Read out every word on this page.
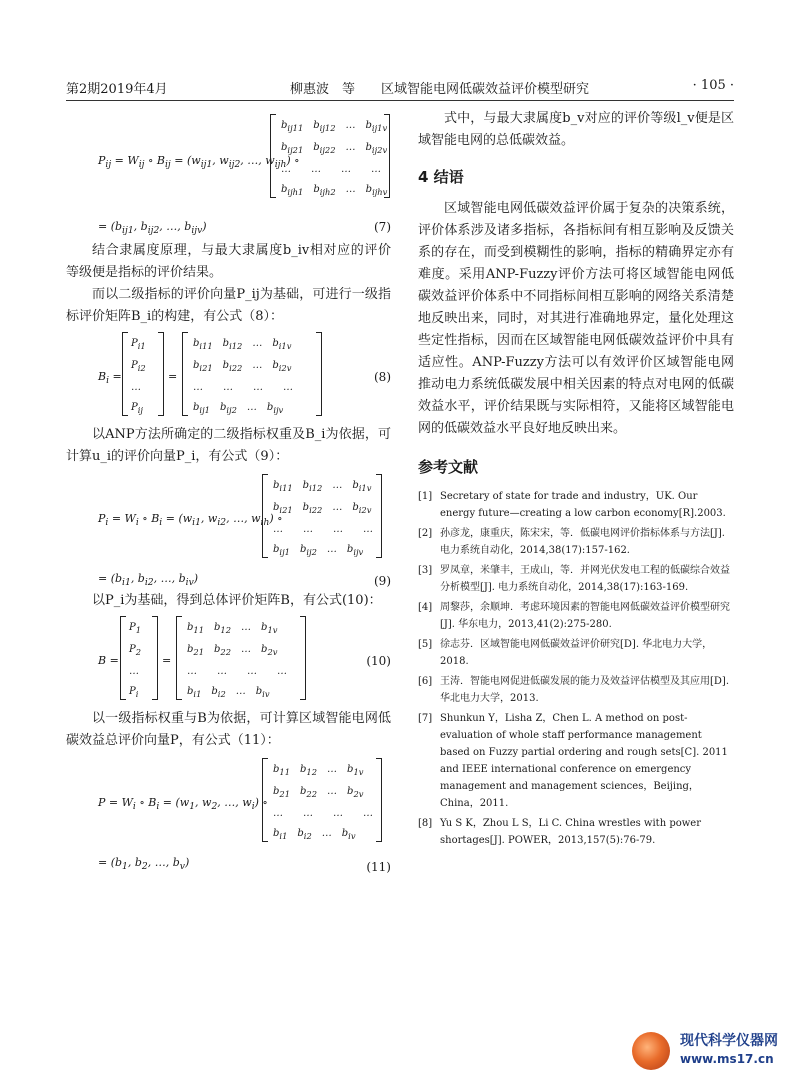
第2期2019年4月	柳惠波　等　　 区域智能电网低碳效益评价模型研究	· 105 ·
$P_{ij} = W_{ij}$ ∘ $B_{ij} = (w_{ij1}$, $w_{ij2}$, …, $w_{ijh}$) ∘
$b_{ij11}$　$b_{ij12}$　…　$b_{ij1v}$
$b_{ij21}$　$b_{ij22}$　…　$b_{ij2v}$
…　　…　　…　　…
$b_{ijh1}$　$b_{ijh2}$　…　$b_{ijhv}$
= ($b_{ij1}$, $b_{ij2}$, …, $b_{ijv}$)	(7)

结合隶属度原理，与最大隶属度b_iv相对应的评价等级便是指标的评价结果。

而以二级指标的评价向量P_ij为基础，可进行一级指标评价矩阵B_i的构建，有公式（8）：

$B_i$ =
$P_{i1}$
$P_{i2}$
…
$P_{ij}$
=
$b_{i11}$　$b_{i12}$　…　$b_{i1v}$
$b_{i21}$　$b_{i22}$　…　$b_{i2v}$
…　　…　　…　　…
$b_{ij1}$　$b_{ij2}$　…　$b_{ijv}$
(8)

以ANP方法所确定的二级指标权重及B_i为依据，可计算u_i的评价向量P_i，有公式（9）：

$P_i = W_i$ ∘ $B_i = (w_{i1}$, $w_{i2}$, …, $w_{ih}$) ∘
$b_{i11}$　$b_{i12}$　…　$b_{i1v}$
$b_{i21}$　$b_{i22}$　…　$b_{i2v}$
…　　…　　…　　…
$b_{ij1}$　$b_{ij2}$　…　$b_{ijv}$
= ($b_{i1}$, $b_{i2}$, …, $b_{iv}$)	(9)

以P_i为基础，得到总体评价矩阵B，有公式(10)：

B =
$P_1$
$P_2$
…
$P_i$
=
$b_{11}$　$b_{12}$　…　$b_{1v}$
$b_{21}$　$b_{22}$　…　$b_{2v}$
…　　…　　…　　…
$b_{i1}$　$b_{i2}$　…　$b_{iv}$
(10)

以一级指标权重与B为依据，可计算区域智能电网低碳效益总评价向量P，有公式（11）：

$P = W_i$ ∘ $B_i = (w_1$, $w_2$, …, $w_i$) ∘
$b_{11}$　$b_{12}$　…　$b_{1v}$
$b_{21}$　$b_{22}$　…　$b_{2v}$
…　　…　　…　　…
$b_{i1}$　$b_{i2}$　…　$b_{iv}$
= ($b_1$, $b_2$, …, $b_v$)	(11)

式中，与最大隶属度b_v对应的评价等级l_v便是区域智能电网的总低碳效益。

4 结语

区域智能电网低碳效益评价属于复杂的决策系统，评价体系涉及诸多指标，各指标间有相互影响及反馈关系的存在，而受到模糊性的影响，指标的精确界定亦有难度。采用ANP-Fuzzy评价方法可将区域智能电网低碳效益评价体系中不同指标间相互影响的网络关系清楚地反映出来，同时，对其进行准确地界定，量化处理这些定性指标，因而在区域智能电网低碳效益评价中具有适应性。ANP-Fuzzy方法可以有效评价区域智能电网推动电力系统低碳发展中相关因素的特点对电网的低碳效益水平，评价结果既与实际相符，又能将区域智能电网的低碳效益水平良好地反映出来。

参考文献
[1] Secretary of state for trade and industry，UK. Our energy future—creating a low carbon economy[R].2003.
[2] 孙彦龙，康重庆，陈宋宋，等．低碳电网评价指标体系与方法[J]. 电力系统自动化，2014,38(17):157-162.
[3] 罗凤章，米肇丰，王成山，等．并网光伏发电工程的低碳综合效益分析模型[J]. 电力系统自动化，2014,38(17):163-169.
[4] 周黎莎，余顺坤．考虑环境因素的智能电网低碳效益评价模型研究[J]. 华东电力，2013,41(2):275-280.
[5] 徐志芬．区域智能电网低碳效益评价研究[D]. 华北电力大学，2018.
[6] 王涛．智能电网促进低碳发展的能力及效益评估模型及其应用[D]. 华北电力大学，2013.
[7] Shunkun Y，Lisha Z，Chen L. A method on post-evaluation of whole staff performance management based on Fuzzy partial ordering and rough sets[C]. 2011 and IEEE international conference on emergency management and management sciences，Beijing，China，2011.
[8] Yu S K，Zhou L S，Li C. China wrestles with power shortages[J]. POWER，2013,157(5):76-79.
现代科学仪器网
www.ms17.cn
